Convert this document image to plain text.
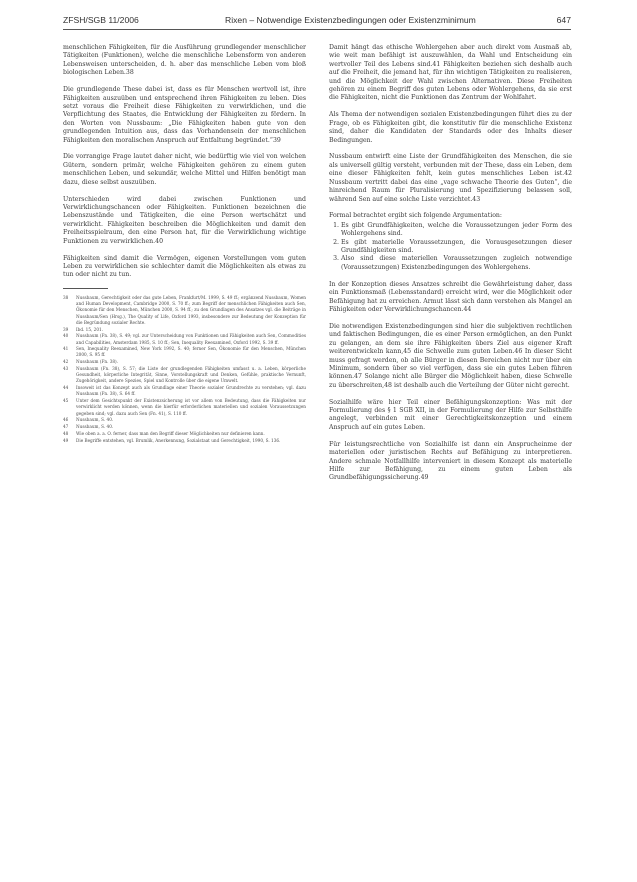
ZFSH/SGB 11/2006	Rixen – Notwendige Existenzbedingungen oder Existenzminimum	647

menschlichen Fähigkeiten, für die Ausführung grundlegender menschlicher Tätigkeiten (Funktionen), welche die menschliche Lebensform von anderen Lebensweisen unterscheiden, d. h. aber das menschliche Leben vom bloß biologischen Leben.38

Die grundlegende These dabei ist, dass es für Menschen wertvoll ist, ihre Fähigkeiten auszuüben und entsprechend ihren Fähigkeiten zu leben. Dies setzt voraus die Freiheit diese Fähigkeiten zu verwirklichen, und die Verpflichtung des Staates, die Entwicklung der Fähigkeiten zu fördern. In den Worten von Nussbaum: „Die Fähigkeiten haben gute von den grundlegenden Intuition aus, dass das Vorhandensein der menschlichen Fähigkeiten den moralischen Anspruch auf Entfaltung begründet.“39

Die vorrangige Frage lautet daher nicht, wie bedürftig wie viel von welchen Gütern, sondern primär, welche Fähigkeiten gehören zu einem guten menschlichen Leben, und sekundär, welche Mittel und Hilfen benötigt man dazu, diese selbst auszuüben.

Unterschieden wird dabei zwischen Funktionen und Verwirklichungschancen oder Fähigkeiten. Funktionen bezeichnen die Lebenszustände und Tätigkeiten, die eine Person wertschätzt und verwirklicht. Fähigkeiten beschreiben die Möglichkeiten und damit den Freiheitsspielraum, den eine Person hat, für die Verwirklichung wichtige Funktionen zu verwirklichen.40

Fähigkeiten sind damit die Vermögen, eigenen Vorstellungen vom guten Leben zu verwirklichen sie schlechter damit die Möglichkeiten als etwas zu tun oder nicht zu tun.

38	Nussbaum, Gerechtigkeit oder das gute Leben, Frankfurt/M. 1999, S. 49 ff.; ergänzend Nussbaum, Women and Human Development, Cambridge 2000, S. 70 ff.; zum Begriff der menschlichen Fähigkeiten auch Sen, Ökonomie für den Menschen, München 2000, S. 94 ff.; zu den Grundlagen des Ansatzes vgl. die Beiträge in Nussbaum/Sen (Hrsg.), The Quality of Life, Oxford 1993, insbesondere zur Bedeutung der Konzeption für die Begründung sozialer Rechte.
39	Ibd. 15, 201.
40	Nussbaum (Fn. 38), S. 49; vgl. zur Unterscheidung von Funktionen und Fähigkeiten auch Sen, Commodities and Capabilities, Amsterdam 1985, S. 10 ff.; Sen, Inequality Reexamined, Oxford 1992, S. 39 ff.
41	Sen, Inequality Reexamined, New York 1992, S. 40; ferner Sen, Ökonomie für den Menschen, München 2000, S. 95 ff.
42	Nussbaum (Fn. 38).
43	Nussbaum (Fn. 38), S. 57; die Liste der grundlegenden Fähigkeiten umfasst u. a. Leben, körperliche Gesundheit, körperliche Integrität, Sinne, Vorstellungskraft und Denken, Gefühle, praktische Vernunft, Zugehörigkeit, andere Spezies, Spiel und Kontrolle über die eigene Umwelt.
44	Insoweit ist das Konzept auch als Grundlage einer Theorie sozialer Grundrechte zu verstehen; vgl. dazu Nussbaum (Fn. 38), S. 64 ff.
45	Unter dem Gesichtspunkt der Existenzsicherung ist vor allem von Bedeutung, dass die Fähigkeiten nur verwirklicht werden können, wenn die hierfür erforderlichen materiellen und sozialen Voraussetzungen gegeben sind; vgl. dazu auch Sen (Fn. 41), S. 110 ff.
46	Nussbaum, S. 40.
47	Nussbaum, S. 40.
48	Wie oben a. a. O. ferner, dass man den Begriff dieser Möglichkeiten nur definieren kann.
49	Die Begriffe entstehen, vgl. Brumlik, Anerkennung, Sozialstaat und Gerechtigkeit, 1990, S. 136.

Damit hängt das ethische Wohlergehen aber auch direkt vom Ausmaß ab, wie weit man befähigt ist auszuwählen, da Wahl und Entscheidung ein wertvoller Teil des Lebens sind.41 Fähigkeiten beziehen sich deshalb auch auf die Freiheit, die jemand hat, für ihn wichtigen Tätigkeiten zu realisieren, und die Möglichkeit der Wahl zwischen Alternativen. Diese Freiheiten gehören zu einem Begriff des guten Lebens oder Wohlergehens, da sie erst die Fähigkeiten, nicht die Funktionen das Zentrum der Wohlfahrt.

Als Thema der notwendigen sozialen Existenzbedingungen führt dies zu der Frage, ob es Fähigkeiten gibt, die konstitutiv für die menschliche Existenz sind, daher die Kandidaten der Standards oder des Inhalts dieser Bedingungen.

Nussbaum entwirft eine Liste der Grundfähigkeiten des Menschen, die sie als universell gültig versteht, verbunden mit der These, dass ein Leben, dem eine dieser Fähigkeiten fehlt, kein gutes menschliches Leben ist.42 Nussbaum vertritt dabei das eine „vage schwache Theorie des Guten“, die hinreichend Raum für Pluralisierung und Spezifizierung belassen soll, während Sen auf eine solche Liste verzichtet.43

Formal betrachtet ergibt sich folgende Argumentation:

1. Es gibt Grundfähigkeiten, welche die Voraussetzungen jeder Form des Wohlergehens sind.
2. Es gibt materielle Voraussetzungen, die Vorausgesetzungen dieser Grundfähigkeiten sind.
3. Also sind diese materiellen Voraussetzungen zugleich notwendige (Voraussetzungen) Existenzbedingungen des Wohlergehens.

In der Konzeption dieses Ansatzes schreibt die Gewährleistung daher, dass ein Funktionsmaß (Lebensstandard) erreicht wird, wer die Möglichkeit oder Befähigung hat zu erreichen. Armut lässt sich dann verstehen als Mangel an Fähigkeiten oder Verwirklichungschancen.44

Die notwendigen Existenzbedingungen sind hier die subjektiven rechtlichen und faktischen Bedingungen, die es einer Person ermöglichen, an den Punkt zu gelangen, an dem sie ihre Fähigkeiten übers Ziel aus eigener Kraft weiterentwickeln kann,45 die Schwelle zum guten Leben.46 In dieser Sicht muss gefragt werden, ob alle Bürger in diesen Bereichen nicht nur über ein Minimum, sondern über so viel verfügen, dass sie ein gutes Leben führen können.47 Solange nicht alle Bürger die Möglichkeit haben, diese Schwelle zu überschreiten,48 ist deshalb auch die Verteilung der Güter nicht gerecht.

Sozialhilfe wäre hier Teil einer Befähigungskonzeption: Was mit der Formulierung des § 1 SGB XII, in der Formulierung der Hilfe zur Selbsthilfe angelegt, verbinden mit einer Gerechtigkeitskonzeption und einem Anspruch auf ein gutes Leben.

Für leistungsrechtliche von Sozialhilfe ist dann ein Ansprucheinme der materiellen oder juristischen Rechts auf Befähigung zu interpretieren. Andere schmale Notfallhilfe interveniert in diesem Konzept als materielle Hilfe zur Befähigung, zu einem guten Leben als Grundbefähigungssicherung.49
